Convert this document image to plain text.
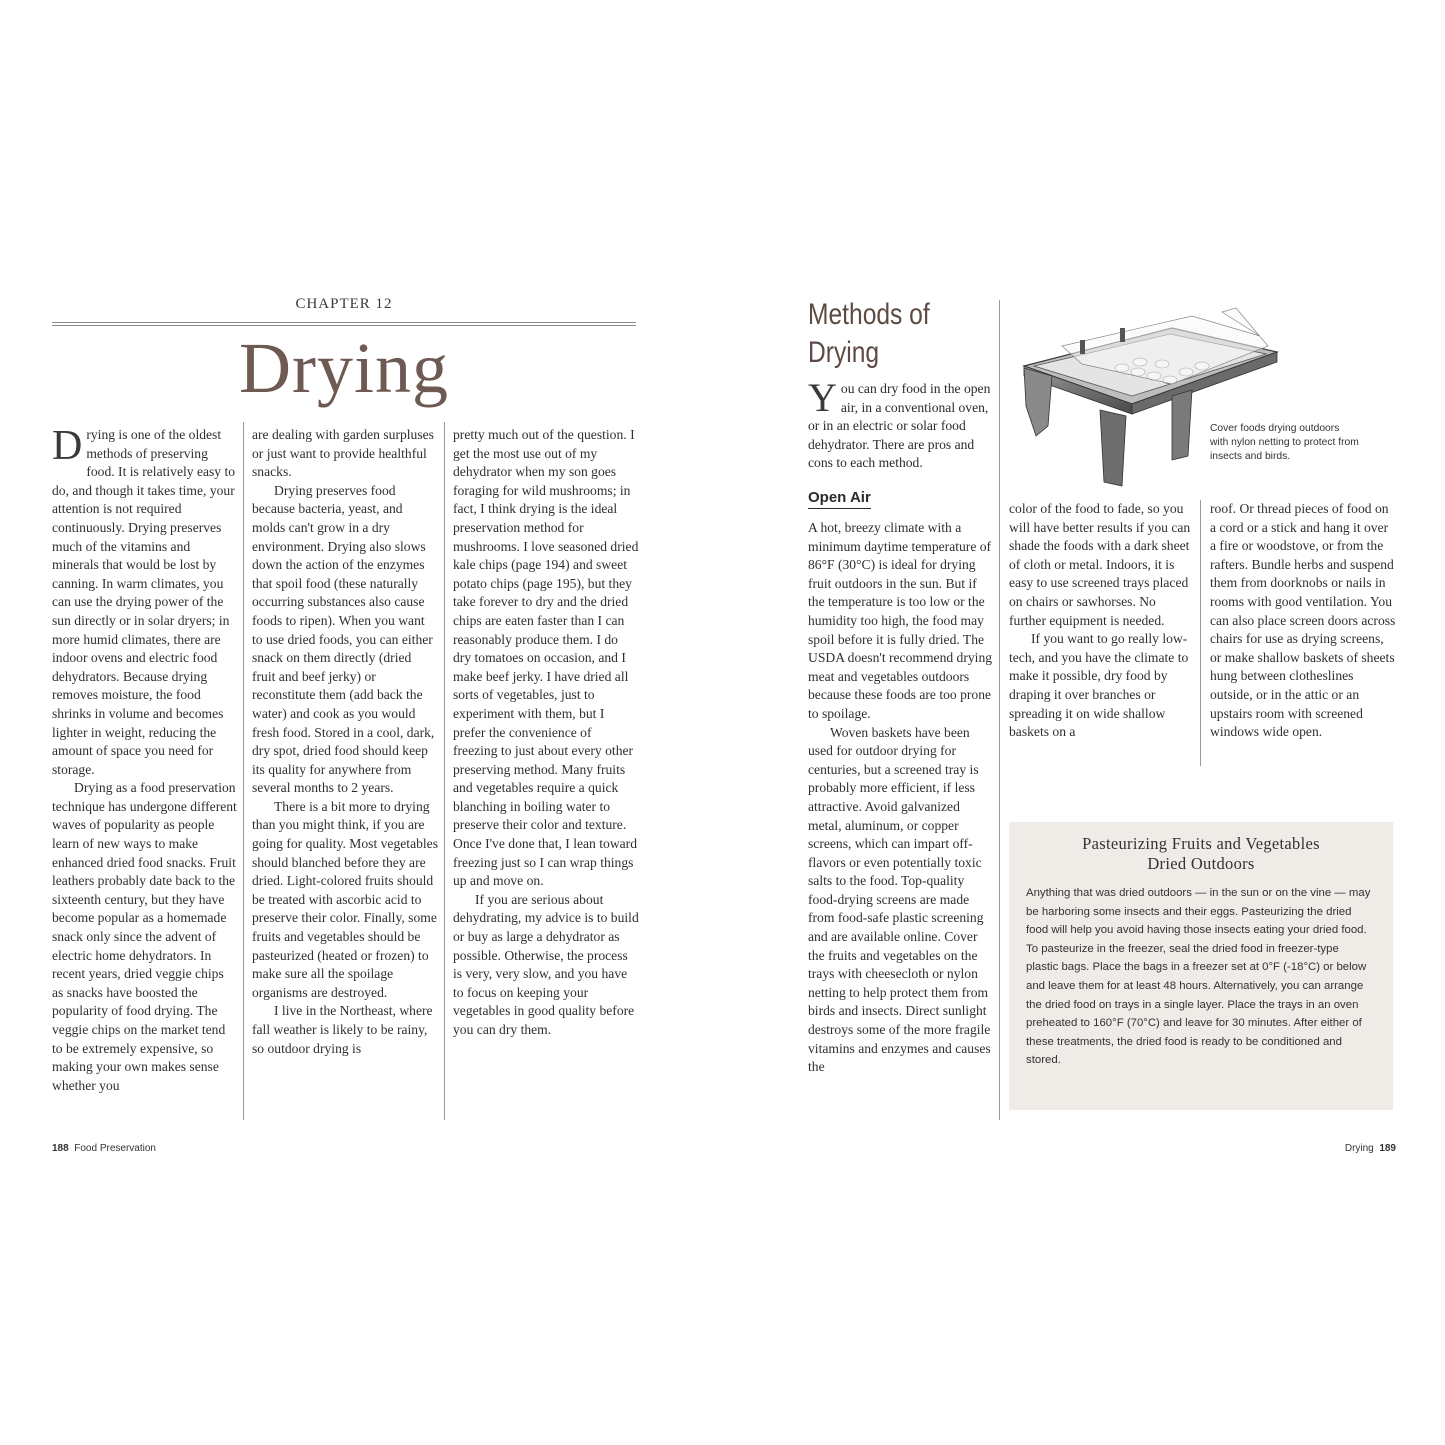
CHAPTER 12
Drying

Drying is one of the oldest methods of preserving food. It is relatively easy to do, and though it takes time, your attention is not required continuously. Drying preserves much of the vitamins and minerals that would be lost by canning. In warm climates, you can use the drying power of the sun directly or in solar dryers; in more humid climates, there are indoor ovens and electric food dehydrators. Because drying removes moisture, the food shrinks in volume and becomes lighter in weight, reducing the amount of space you need for storage.

Drying as a food preservation technique has undergone different waves of popularity as people learn of new ways to make enhanced dried food snacks. Fruit leathers probably date back to the sixteenth century, but they have become popular as a homemade snack only since the advent of electric home dehydrators. In recent years, dried veggie chips as snacks have boosted the popularity of food drying. The veggie chips on the market tend to be extremely expensive, so making your own makes sense whether you

are dealing with garden surpluses or just want to provide healthful snacks.

Drying preserves food because bacteria, yeast, and molds can't grow in a dry environment. Drying also slows down the action of the enzymes that spoil food (these naturally occurring substances also cause foods to ripen). When you want to use dried foods, you can either snack on them directly (dried fruit and beef jerky) or reconstitute them (add back the water) and cook as you would fresh food. Stored in a cool, dark, dry spot, dried food should keep its quality for anywhere from several months to 2 years.

There is a bit more to drying than you might think, if you are going for quality. Most vegetables should blanched before they are dried. Light-colored fruits should be treated with ascorbic acid to preserve their color. Finally, some fruits and vegetables should be pasteurized (heated or frozen) to make sure all the spoilage organisms are destroyed.

I live in the Northeast, where fall weather is likely to be rainy, so outdoor drying is

pretty much out of the question. I get the most use out of my dehydrator when my son goes foraging for wild mushrooms; in fact, I think drying is the ideal preservation method for mushrooms. I love seasoned dried kale chips (page 194) and sweet potato chips (page 195), but they take forever to dry and the dried chips are eaten faster than I can reasonably produce them. I do dry tomatoes on occasion, and I make beef jerky. I have dried all sorts of vegetables, just to experiment with them, but I prefer the convenience of freezing to just about every other preserving method. Many fruits and vegetables require a quick blanching in boiling water to preserve their color and texture. Once I've done that, I lean toward freezing just so I can wrap things up and move on.

If you are serious about dehydrating, my advice is to build or buy as large a dehydrator as possible. Otherwise, the process is very, very slow, and you have to focus on keeping your vegetables in good quality before you can dry them.

188 Food Preservation
Methods of
Drying
You can dry food in the open air, in a conventional oven, or in an electric or solar food dehydrator. There are pros and cons to each method.
Open Air
Cover foods drying outdoors with nylon netting to protect from insects and birds.

A hot, breezy climate with a minimum daytime temperature of 86°F (30°C) is ideal for drying fruit outdoors in the sun. But if the temperature is too low or the humidity too high, the food may spoil before it is fully dried. The USDA doesn't recommend drying meat and vegetables outdoors because these foods are too prone to spoilage.

Woven baskets have been used for outdoor drying for centuries, but a screened tray is probably more efficient, if less attractive. Avoid galvanized metal, aluminum, or copper screens, which can impart off-flavors or even potentially toxic salts to the food. Top-quality food-drying screens are made from food-safe plastic screening and are available online. Cover the fruits and vegetables on the trays with cheesecloth or nylon netting to help protect them from birds and insects. Direct sunlight destroys some of the more fragile vitamins and enzymes and causes the

color of the food to fade, so you will have better results if you can shade the foods with a dark sheet of cloth or metal. Indoors, it is easy to use screened trays placed on chairs or sawhorses. No further equipment is needed.

If you want to go really low-tech, and you have the climate to make it possible, dry food by draping it over branches or spreading it on wide shallow baskets on a

roof. Or thread pieces of food on a cord or a stick and hang it over a fire or woodstove, or from the rafters. Bundle herbs and suspend them from doorknobs or nails in rooms with good ventilation. You can also place screen doors across chairs for use as drying screens, or make shallow baskets of sheets hung between clotheslines outside, or in the attic or an upstairs room with screened windows wide open.

Pasteurizing Fruits and Vegetables
Dried Outdoors
Anything that was dried outdoors — in the sun or on the vine — may be harboring some insects and their eggs. Pasteurizing the dried food will help you avoid having those insects eating your dried food. To pasteurize in the freezer, seal the dried food in freezer-type plastic bags. Place the bags in a freezer set at 0°F (-18°C) or below and leave them for at least 48 hours. Alternatively, you can arrange the dried food on trays in a single layer. Place the trays in an oven preheated to 160°F (70°C) and leave for 30 minutes. After either of these treatments, the dried food is ready to be conditioned and stored.
Drying 189
